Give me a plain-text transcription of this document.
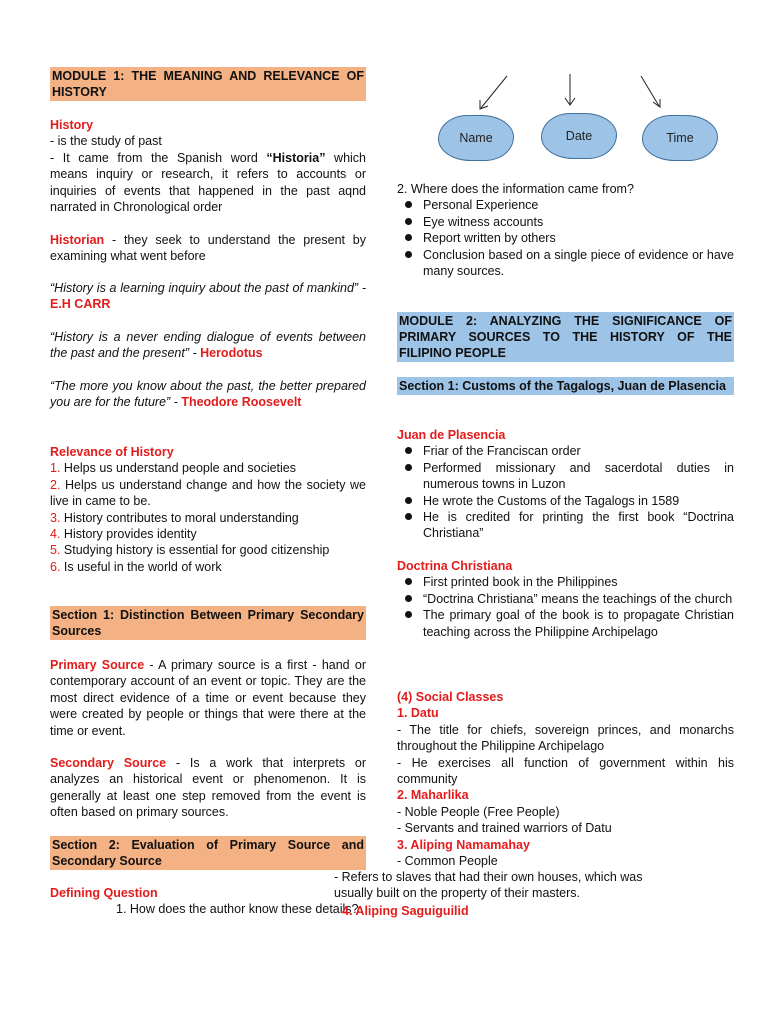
MODULE 1: THE MEANING AND RELEVANCE OF HISTORY

History

- is the study of past

- It came from the Spanish word “Historia” which means inquiry or research, it refers to accounts or inquiries of events that happened in the past aqnd narrated in Chronological order

Historian - they seek to understand the present by examining what went before

“History is a learning inquiry about the past of mankind” - E.H CARR

“History is a never ending dialogue of events between the past and the present” - Herodotus

“The more you know about the past, the better prepared you are for the future” - Theodore Roosevelt

Relevance of History

1. Helps us understand people and societies

2. Helps us understand change and how the society we live in came to be.

3. History contributes to moral understanding

4. History provides identity

5. Studying history is essential for good citizenship

6. Is useful in the world of work

Section 1: Distinction Between Primary Secondary Sources

Primary Source - A primary source is a first - hand or contemporary account of an event or topic. They are the most direct evidence of a time or event because they were created by people or things that were there at the time or event.

Secondary Source - Is a work that interprets or analyzes an historical event or phenomenon. It is generally at least one step removed from the event is often based on primary sources.

Section 2: Evaluation of Primary Source and Secondary Source

Defining Question

1. How does the author know these details?
Name	Date	Time

2. Where does the information came from?

Personal Experience
Eye witness accounts
Report written by others
Conclusion based on a single piece of evidence or have many sources.
MODULE 2: ANALYZING THE SIGNIFICANCE OF PRIMARY SOURCES TO THE HISTORY OF THE FILIPINO PEOPLE
Section 1: Customs of the Tagalogs, Juan de Plasencia

Juan de Plasencia

Friar of the Franciscan order
Performed missionary and sacerdotal duties in numerous towns in Luzon
He wrote the Customs of the Tagalogs in 1589
He is credited for printing the first book “Doctrina Christiana”

Doctrina Christiana

First printed book in the Philippines
“Doctrina Christiana” means the teachings of the church
The primary goal of the book is to propagate Christian teaching across the Philippine Archipelago

(4) Social Classes

1. Datu

- The title for chiefs, sovereign princes, and monarchs throughout the Philippine Archipelago

- He exercises all function of government within his community

2. Maharlika

- Noble People (Free People)

- Servants and trained warriors of Datu

3. Aliping Namamahay

- Common People

- Refers to slaves that had their own houses, which was usually built on the property of their masters.
4. Aliping Saguiguilid
